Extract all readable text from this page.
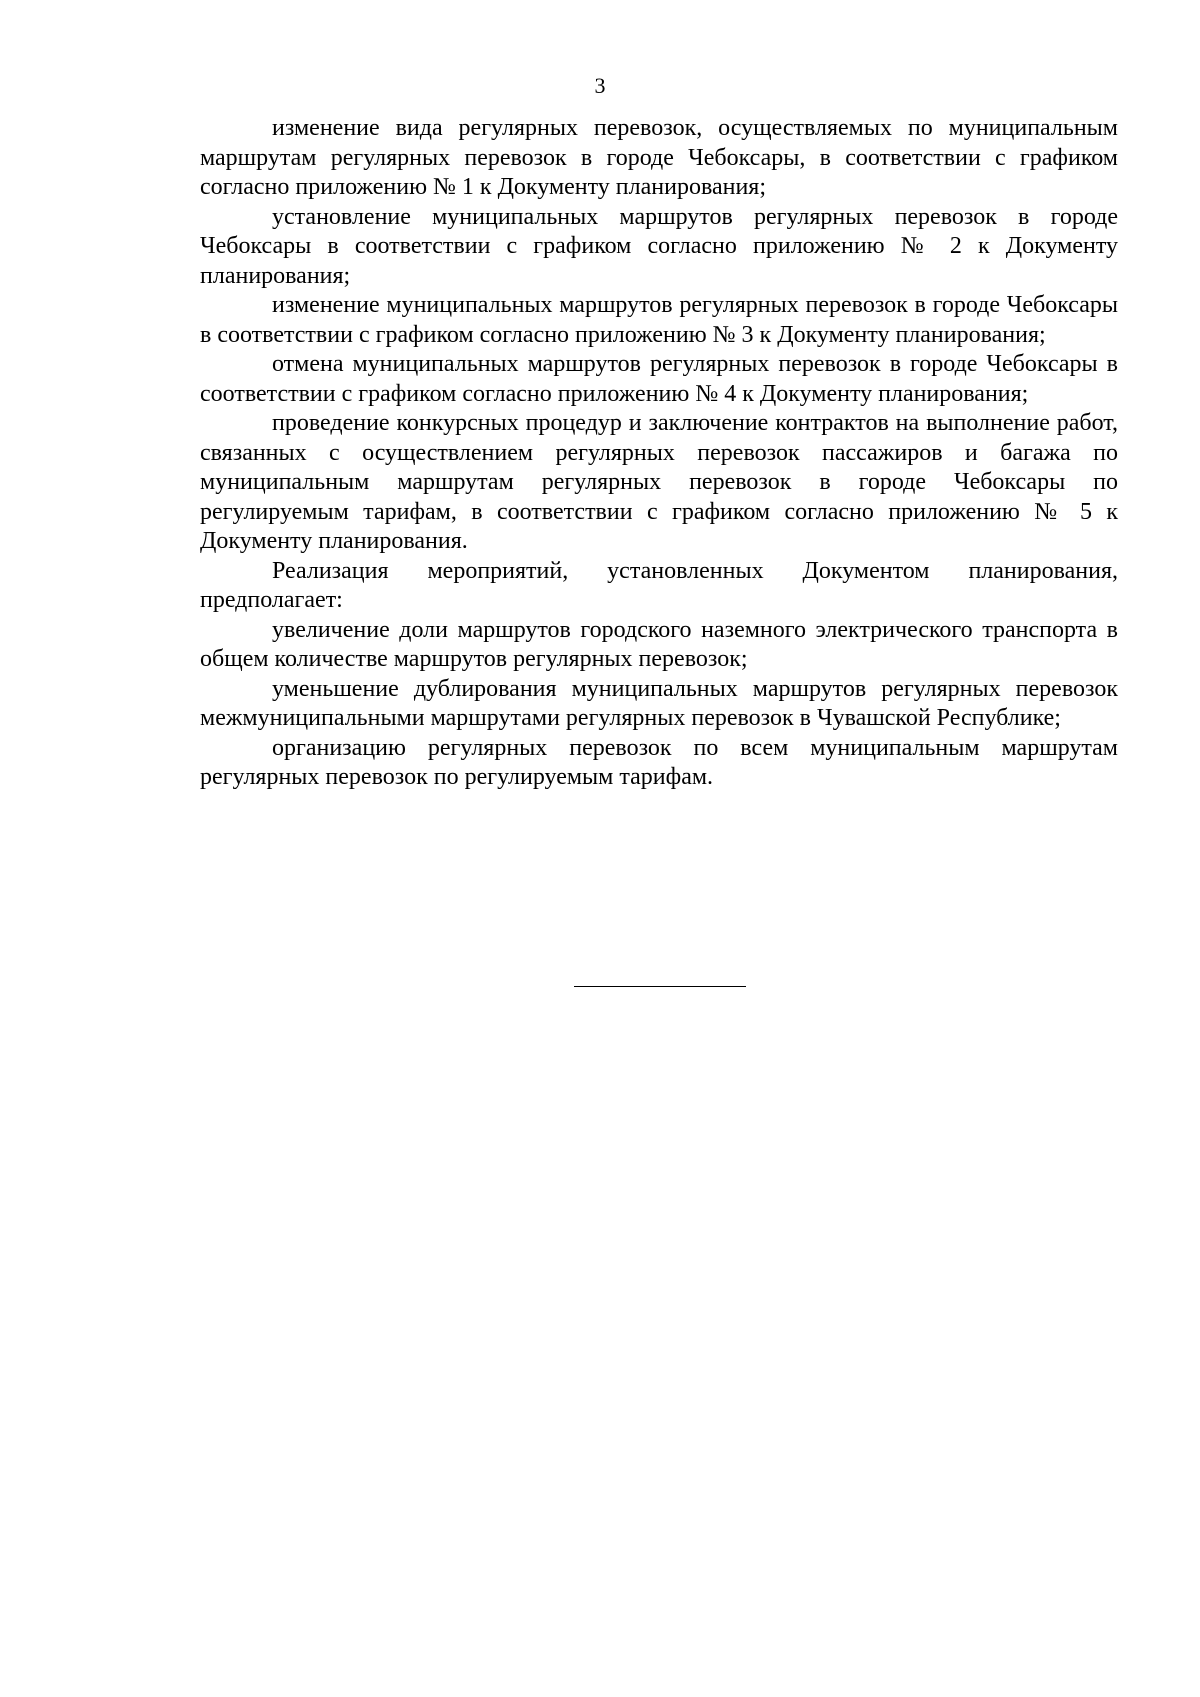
3

изменение вида регулярных перевозок, осуществляемых по муниципальным маршрутам регулярных перевозок в городе Чебоксары, в соответствии с графиком согласно приложению № 1 к Документу планирования;

установление муниципальных маршрутов регулярных перевозок в городе Чебоксары в соответствии с графиком согласно приложению № 2 к Документу планирования;

изменение муниципальных маршрутов регулярных перевозок в городе Чебоксары в соответствии с графиком согласно приложению № 3 к Документу планирования;

отмена муниципальных маршрутов регулярных перевозок в городе Чебоксары в соответствии с графиком согласно приложению № 4 к Документу планирования;

проведение конкурсных процедур и заключение контрактов на выполнение работ, связанных с осуществлением регулярных перевозок пассажиров и багажа по муниципальным маршрутам регулярных перевозок в городе Чебоксары по регулируемым тарифам, в соответствии с графиком согласно приложению № 5 к Документу планирования.

Реализация мероприятий, установленных Документом планирования, предполагает:

увеличение доли маршрутов городского наземного электрического транспорта в общем количестве маршрутов регулярных перевозок;

уменьшение дублирования муниципальных маршрутов регулярных перевозок межмуниципальными маршрутами регулярных перевозок в Чувашской Республике;

организацию регулярных перевозок по всем муниципальным маршрутам регулярных перевозок по регулируемым тарифам.
